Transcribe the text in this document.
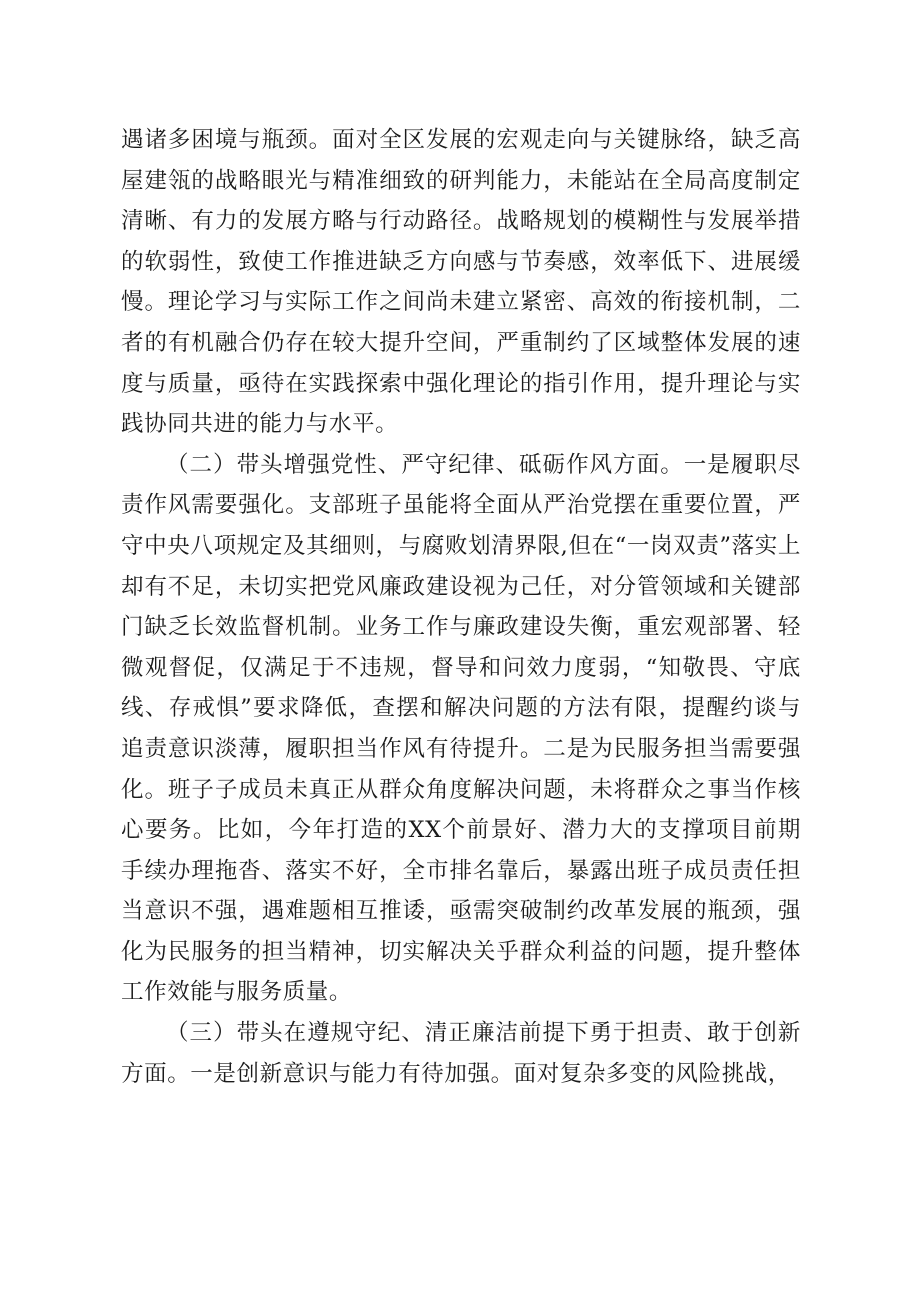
遇诸多困境与瓶颈。面对全区发展的宏观走向与关键脉络，缺乏高屋建瓴的战略眼光与精准细致的研判能力，未能站在全局高度制定清晰、有力的发展方略与行动路径。战略规划的模糊性与发展举措的软弱性，致使工作推进缺乏方向感与节奏感，效率低下、进展缓慢。理论学习与实际工作之间尚未建立紧密、高效的衔接机制，二者的有机融合仍存在较大提升空间，严重制约了区域整体发展的速度与质量，亟待在实践探索中强化理论的指引作用，提升理论与实践协同共进的能力与水平。

（二）带头增强党性、严守纪律、砥砺作风方面。一是履职尽责作风需要强化。支部班子虽能将全面从严治党摆在重要位置，严守中央八项规定及其细则，与腐败划清界限,但在“一岗双责”落实上却有不足，未切实把党风廉政建设视为己任，对分管领域和关键部门缺乏长效监督机制。业务工作与廉政建设失衡，重宏观部署、轻微观督促，仅满足于不违规，督导和问效力度弱，“知敬畏、守底线、存戒惧”要求降低，查摆和解决问题的方法有限，提醒约谈与追责意识淡薄，履职担当作风有待提升。二是为民服务担当需要强化。班子子成员未真正从群众角度解决问题，未将群众之事当作核心要务。比如，今年打造的XX个前景好、潜力大的支撑项目前期手续办理拖沓、落实不好，全市排名靠后，暴露出班子成员责任担当意识不强，遇难题相互推诿，亟需突破制约改革发展的瓶颈，强化为民服务的担当精神，切实解决关乎群众利益的问题，提升整体工作效能与服务质量。

（三）带头在遵规守纪、清正廉洁前提下勇于担责、敢于创新方面。一是创新意识与能力有待加强。面对复杂多变的风险挑战，
